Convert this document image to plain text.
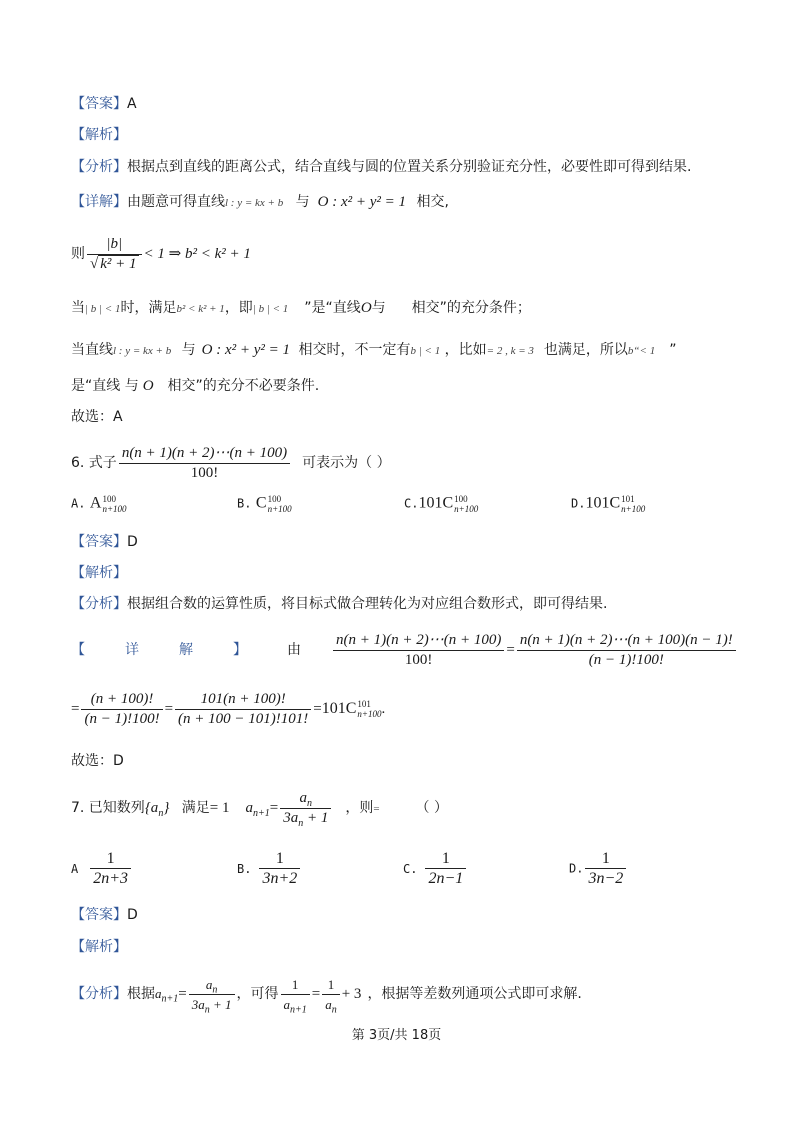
【答案】A
【解析】
【分析】根据点到直线的距离公式，结合直线与圆的位置关系分别验证充分性，必要性即可得到结果.
【详解】由题意可得直线l : y = kx + b 与 O : x² + y² = 1 相交,
则 $\frac{|b|}{\text{√ k² + 1}} < 1$ ⇒ b² < k² + 1
当| b | < 1时，满足b² < k² + 1，即| b | < 1 ”是“直线O与 相交”的充分条件；
当直线l : y = kx + b 与 O : x² + y² = 1 相交时，不一定有b | < 1 ，比如= 2 , k = 3 也满足，所以b“< 1 ”
是“直线 与 O 相交”的充分不必要条件.
故选：A
6. 式子 $\frac{n(n + 1)(n + 2)\cdots(n + 100)}{100!}$ 可表示为（ ）
A. A100
n+100	B. C100
n+100	C.101C100
n+100	D.101C101
n+100
【答案】D
【解析】
【分析】根据组合数的运算性质，将目标式做合理转化为对应组合数形式，即可得结果.
【	详	解	】	由 $\frac{n(n + 1)(n + 2)\cdots(n + 100)}{100!} = \frac{n(n + 1)(n + 2)\cdots(n + 100)(n - 1)!}{(n - 1)!100!}$
= $\frac{(n + 100)!}{(n - 1)!100!} = \frac{101(n + 100)!}{(n + 100 - 101)!101!} =101C101$
n+100.
故选：D
7. 已知数列$\{a_n\}$ 满足= 1 $a_{n+1}= \frac{a_n}{3a_n + 1}$ ，则=	（ ）
A $\frac{1}{2n+3}$	B. $\frac{1}{3n+2}$	C. $\frac{1}{2n-1}$	D. $\frac{1}{3n-2}$
【答案】D
【解析】
【分析】根据$a_{n+1}= \frac{a_n}{3a_n + 1}$ ，可得 $\frac{1}{a_{n+1}} = \frac{1}{a_n} + 3$ ，根据等差数列通项公式即可求解.
第 3页/共 18页
